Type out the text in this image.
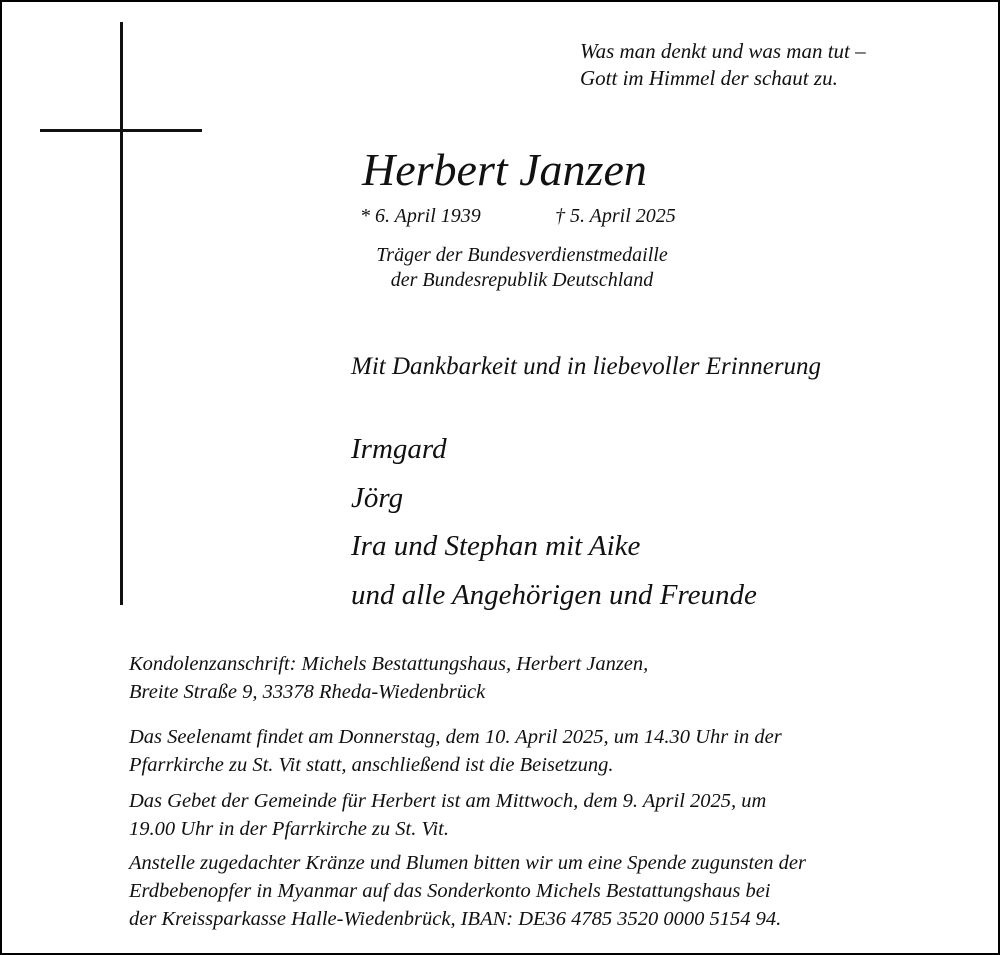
Was man denkt und was man tut –
Gott im Himmel der schaut zu.
Herbert Janzen
* 6. April 1939	† 5. April 2025
Träger der Bundesverdienstmedaille
der Bundesrepublik Deutschland
Mit Dankbarkeit und in liebevoller Erinnerung
Irmgard
Jörg
Ira und Stephan mit Aike
und alle Angehörigen und Freunde
Kondolenzanschrift: Michels Bestattungshaus, Herbert Janzen,
Breite Straße 9, 33378 Rheda-Wiedenbrück
Das Seelenamt findet am Donnerstag, dem 10. April 2025, um 14.30 Uhr in der
Pfarrkirche zu St. Vit statt, anschließend ist die Beisetzung.
Das Gebet der Gemeinde für Herbert ist am Mittwoch, dem 9. April 2025, um
19.00 Uhr in der Pfarrkirche zu St. Vit.
Anstelle zugedachter Kränze und Blumen bitten wir um eine Spende zugunsten der
Erdbebenopfer in Myanmar auf das Sonderkonto Michels Bestattungshaus bei
der Kreissparkasse Halle-Wiedenbrück, IBAN: DE36 4785 3520 0000 5154 94.
